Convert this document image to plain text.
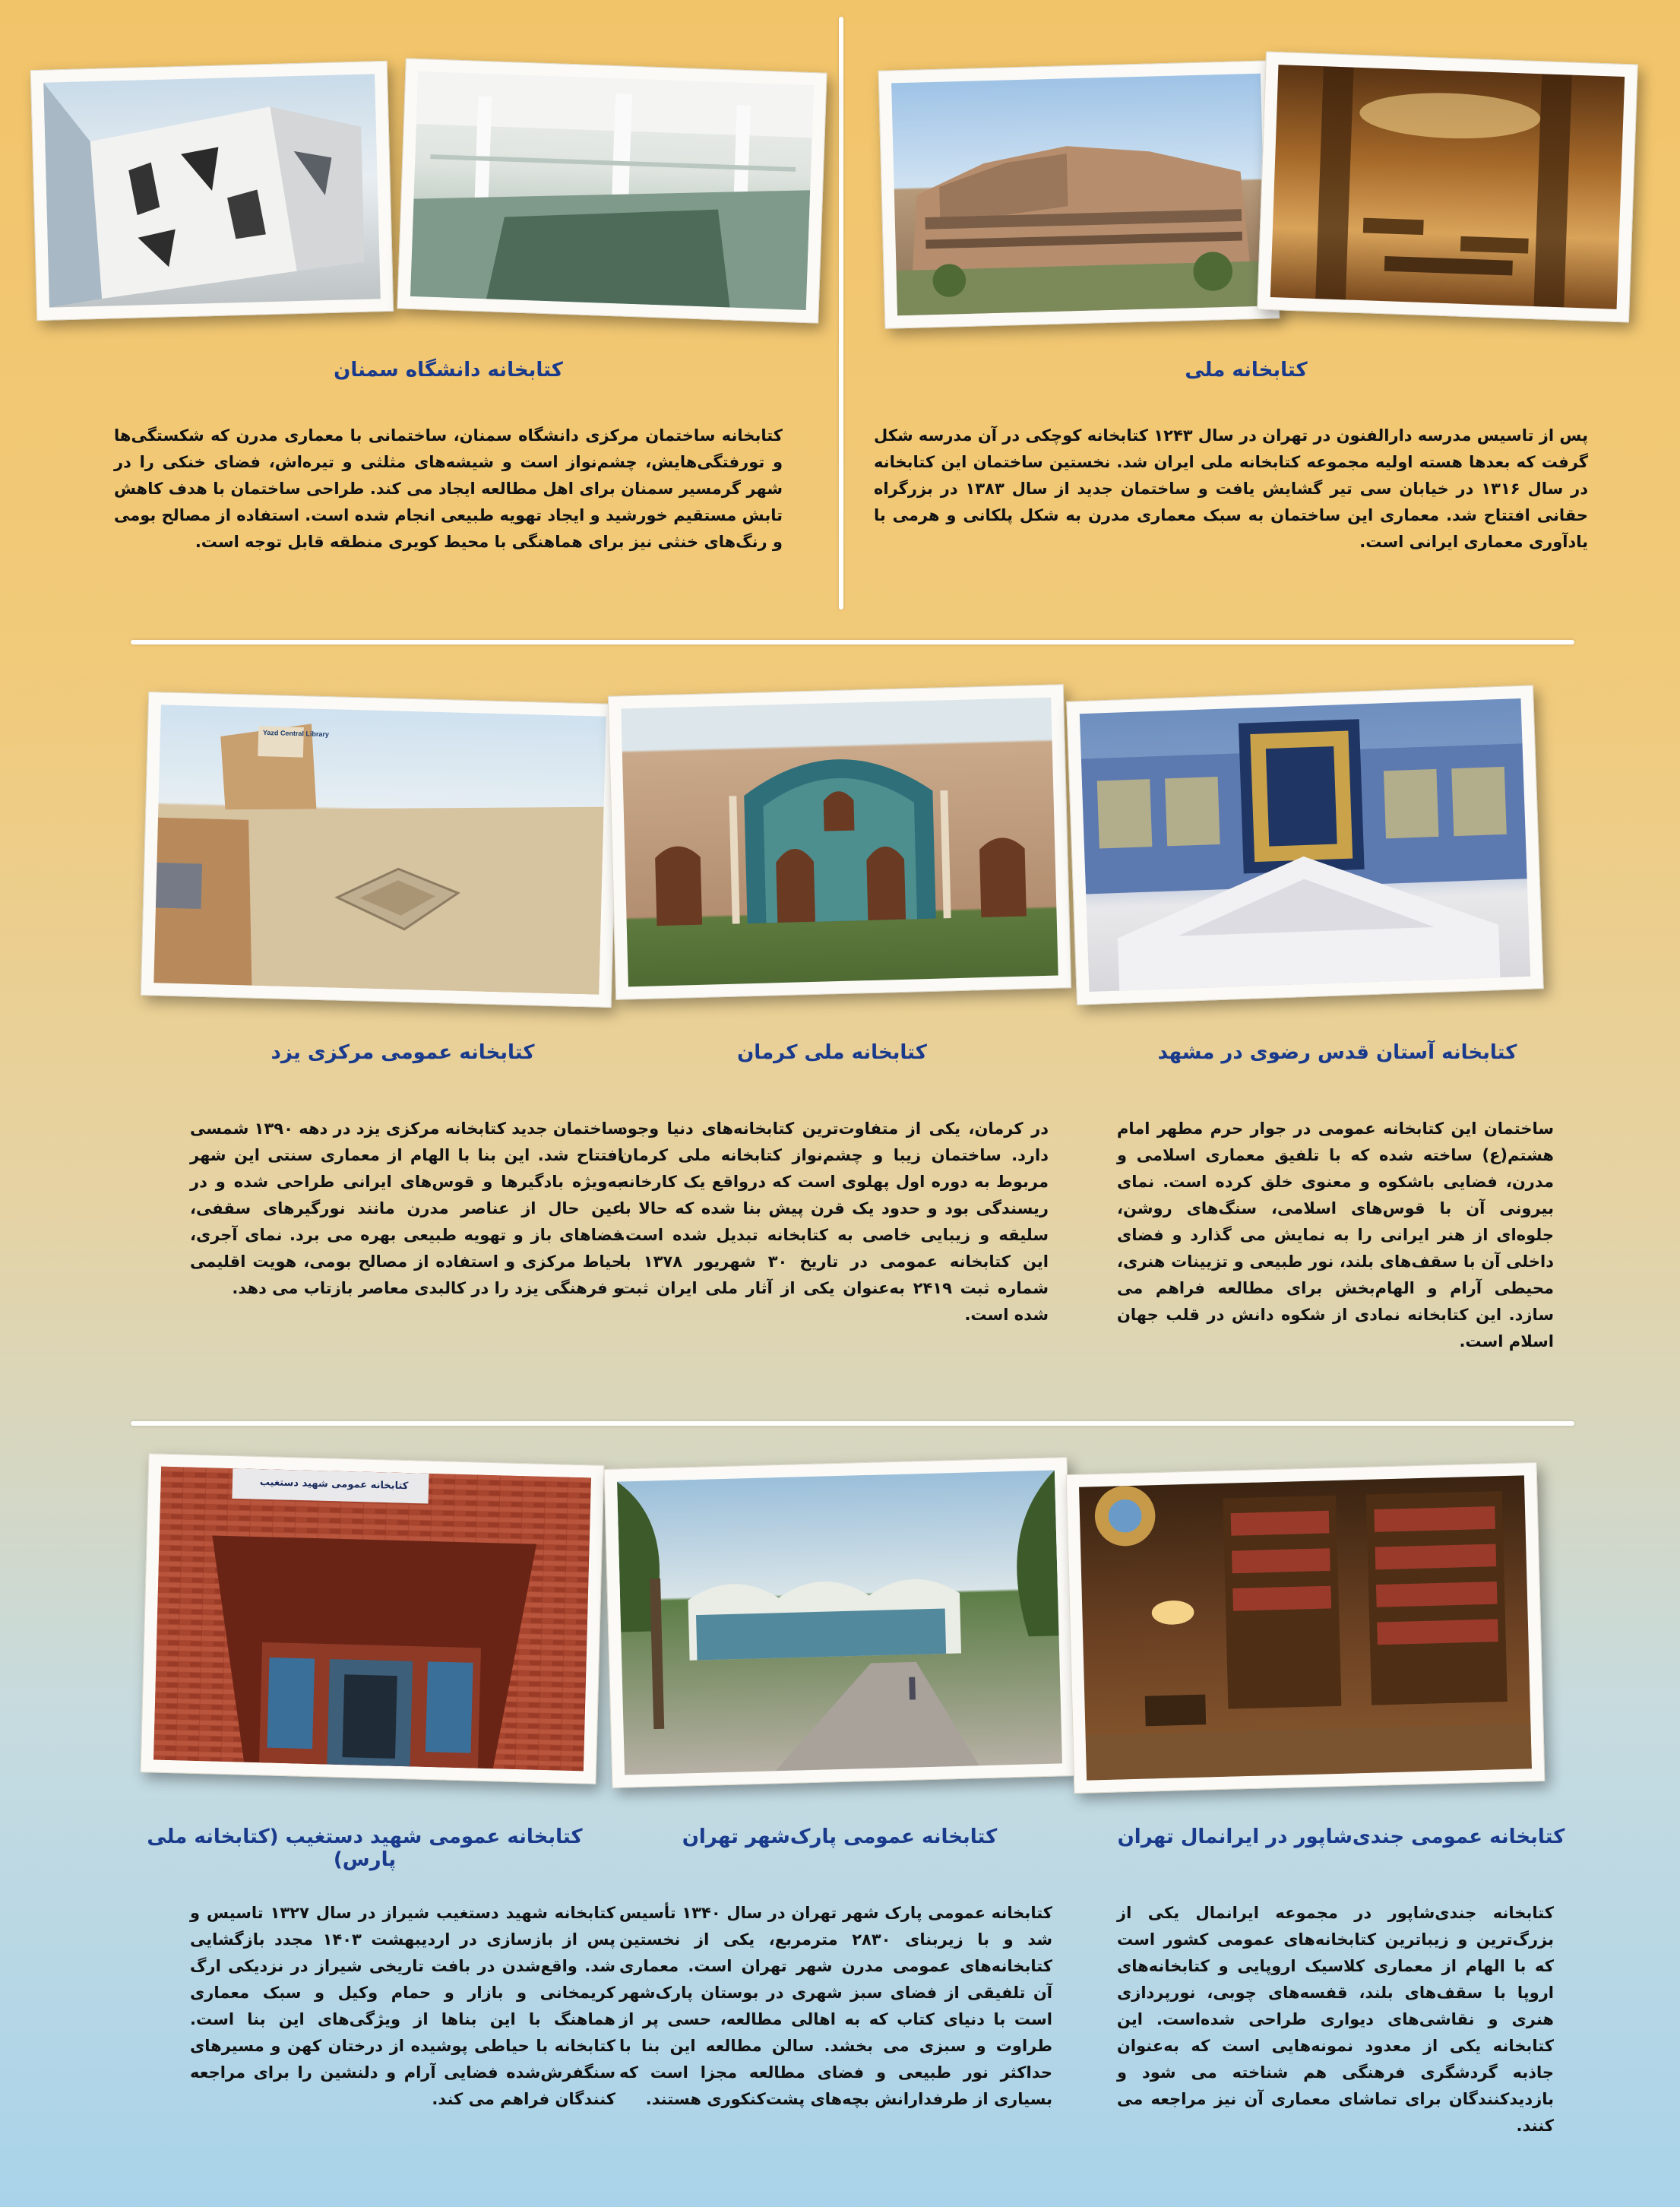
کتابخانه دانشگاه سمنان
کتابخانه ساختمان مرکزی دانشگاه سمنان، ساختمانی با معماری مدرن که شکستگی‌ها و تورفتگی‌هایش، چشم‌نواز است و شیشه‌های مثلثی و تیره‌اش، فضای خنکی را در شهر گرمسیر سمنان برای اهل مطالعه ایجاد می کند. طراحی ساختمان با هدف کاهش تابش مستقیم خورشید و ایجاد تهویه طبیعی انجام شده است. استفاده از مصالح بومی و رنگ‌های خنثی نیز برای هماهنگی با محیط کویری منطقه قابل توجه است.
کتابخانه ملی
پس از تاسیس مدرسه دارالفنون در تهران در سال ۱۲۴۳ کتابخانه کوچکی در آن مدرسه شکل گرفت که بعدها هسته اولیه مجموعه کتابخانه ملی ایران شد. نخستین ساختمان این کتابخانه در سال ۱۳۱۶ در خیابان سی تیر گشایش یافت و ساختمان جدید از سال ۱۳۸۳ در بزرگراه حقانی افتتاح شد. معماری این ساختمان به سبک معماری مدرن به شکل پلکانی و هرمی با یادآوری معماری ایرانی است.
Yazd Central Library
کتابخانه عمومی مرکزی یزد
ساختمان جدید کتابخانه مرکزی یزد در دهه ۱۳۹۰ شمسی افتتاح شد. این بنا با الهام از معماری سنتی این شهر به‌ویژه بادگیرها و قوس‌های ایرانی طراحی شده و در عین حال از عناصر مدرن مانند نورگیرهای سقفی، فضاهای باز و تهویه طبیعی بهره می برد. نمای آجری، حیاط مرکزی و استفاده از مصالح بومی، هویت اقلیمی و فرهنگی یزد را در کالبدی معاصر بازتاب می دهد.
کتابخانه ملی کرمان
در کرمان، یکی از متفاوت‌ترین کتابخانه‌های دنیا وجود دارد. ساختمان زیبا و چشم‌نواز کتابخانه ملی کرمان مربوط به دوره اول پهلوی است که درواقع یک کارخانه ریسندگی بود و حدود یک قرن پیش بنا شده که حالا با سلیقه و زیبایی خاصی به کتابخانه تبدیل شده است. این کتابخانه عمومی در تاریخ ۳۰ شهریور ۱۳۷۸ با شماره ثبت ۲۴۱۹ به‌عنوان یکی از آثار ملی ایران ثبت شده است.
کتابخانه آستان قدس رضوی در مشهد
ساختمان این کتابخانه عمومی در جوار حرم مطهر امام هشتم(ع) ساخته شده که با تلفیق معماری اسلامی و مدرن، فضایی باشکوه و معنوی خلق کرده است. نمای بیرونی آن با قوس‌های اسلامی، سنگ‌های روشن، جلوه‌ای از هنر ایرانی را به نمایش می گذارد و فضای داخلی آن با سقف‌های بلند، نور طبیعی و تزیینات هنری، محیطی آرام و الهام‌بخش برای مطالعه فراهم می سازد. این کتابخانه نمادی از شکوه دانش در قلب جهان اسلام است.
کتابخانه عمومی شهید دستغیب
کتابخانه عمومی شهید دستغیب (کتابخانه ملی پارس)
کتابخانه شهید دستغیب شیراز در سال ۱۳۲۷ تاسیس و پس از بازسازی در اردیبهشت ۱۴۰۳ مجدد بازگشایی شد. واقع‌شدن در بافت تاریخی شیراز در نزدیکی ارگ کریمخانی و بازار و حمام وکیل و سبک معماری هماهنگ با این بناها از ویژگی‌های این بنا است. کتابخانه با حیاطی پوشیده از درختان کهن و مسیرهای سنگفرش‌شده فضایی آرام و دلنشین را برای مراجعه کنندگان فراهم می کند.
کتابخانه عمومی پارک‌شهر تهران
کتابخانه عمومی پارک شهر تهران در سال ۱۳۴۰ تأسیس شد و با زیربنای ۲۸۳۰ مترمربع، یکی از نخستین کتابخانه‌های عمومی مدرن شهر تهران است. معماری آن تلفیقی از فضای سبز شهری در بوستان پارک‌شهر است با دنیای کتاب که به اهالی مطالعه، حسی پر از طراوت و سبزی می بخشد. سالن مطالعه این بنا با حداکثر نور طبیعی و فضای مطالعه مجزا است که بسیاری از طرفدارانش بچه‌های پشت‌کنکوری هستند.
کتابخانه عمومی جندی‌شاپور در ایرانمال تهران
کتابخانه جندی‌شاپور در مجموعه ایرانمال یکی از بزرگ‌ترین و زیباترین کتابخانه‌های عمومی کشور است که با الهام از معماری کلاسیک اروپایی و کتابخانه‌های اروپا با سقف‌های بلند، قفسه‌های چوبی، نورپردازی هنری و نقاشی‌های دیواری طراحی شده‌است. این کتابخانه یکی از معدود نمونه‌هایی است که به‌عنوان جاذبه گردشگری فرهنگی هم شناخته می شود و بازدیدکنندگان برای تماشای معماری آن نیز مراجعه می کنند.
